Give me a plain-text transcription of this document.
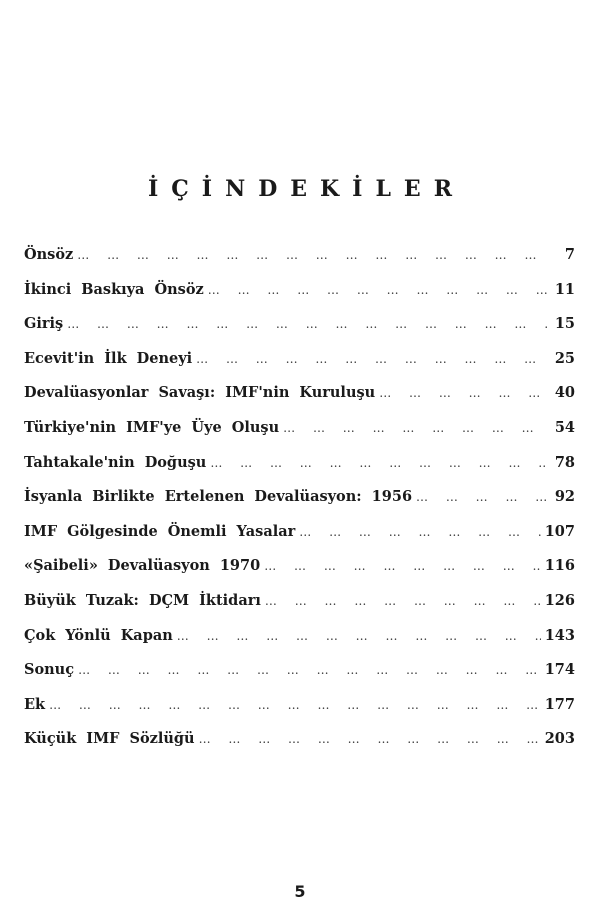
İÇİNDEKİLER
Önsöz … … … … … … … … … … … … … … … … … … … …	7
İkinci Baskıya Önsöz … … … … … … … … … … … … … … … … … … … …	11
Giriş … … … … … … … … … … … … … … … … … … … …	15
Ecevit'in İlk Deneyi … … … … … … … … … … … … … … … … … … … …	25
Devalüasyonlar Savaşı: IMF'nin Kuruluşu … … … … … … … … … … … … … … … … … … … …	40
Türkiye'nin IMF'ye Üye Oluşu … … … … … … … … … … … … … … … … … … … …	54
Tahtakale'nin Doğuşu … … … … … … … … … … … … … … … … … … … …	78
İsyanla Birlikte Ertelenen Devalüasyon: 1956 … … … … … … … … … … … … … … … … … … … …	92
IMF Gölgesinde Önemli Yasalar … … … … … … … … … … … … … … … … … … … …	107
«Şaibeli» Devalüasyon 1970 … … … … … … … … … … … … … … … … … … … …	116
Büyük Tuzak: DÇM İktidarı … … … … … … … … … … … … … … … … … … … …	126
Çok Yönlü Kapan … … … … … … … … … … … … … … … … … … … …	143
Sonuç … … … … … … … … … … … … … … … … … … … …	174
Ek … … … … … … … … … … … … … … … … … … … …	177
Küçük IMF Sözlüğü … … … … … … … … … … … … … … … … … … … …	203
5
